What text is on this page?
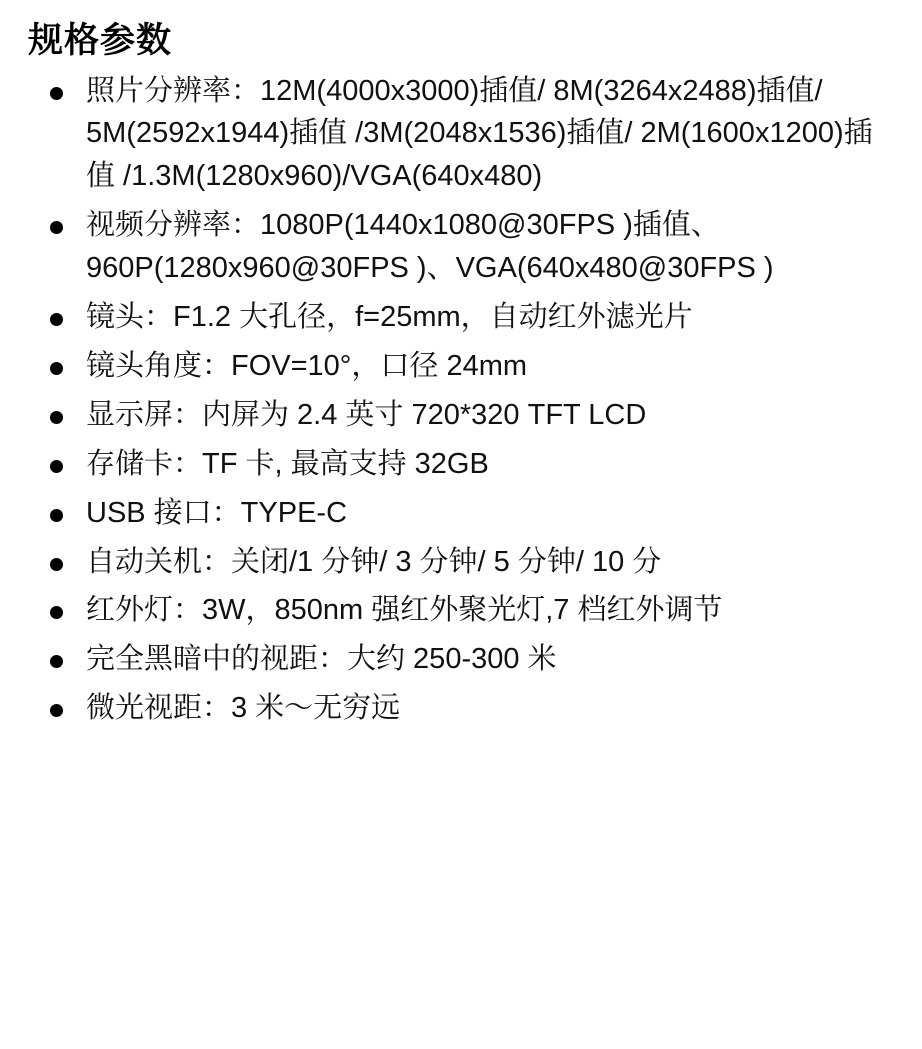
规格参数
照片分辨率：12M(4000x3000)插值/ 8M(3264x2488)插值/ 5M(2592x1944)插值 /3M(2048x1536)插值/ 2M(1600x1200)插值 /1.3M(1280x960)/VGA(640x480)
视频分辨率：1080P(1440x1080@30FPS )插值、960P(1280x960@30FPS )、VGA(640x480@30FPS )
镜头：F1.2 大孔径，f=25mm，自动红外滤光片
镜头角度：FOV=10°，口径 24mm
显示屏：内屏为 2.4 英寸 720*320 TFT LCD
存储卡：TF 卡, 最高支持 32GB
USB 接口：TYPE-C
自动关机：关闭/1 分钟/ 3 分钟/ 5 分钟/ 10 分
红外灯：3W，850nm 强红外聚光灯,7 档红外调节
完全黑暗中的视距：大约 250-300 米
微光视距：3 米～无穷远
